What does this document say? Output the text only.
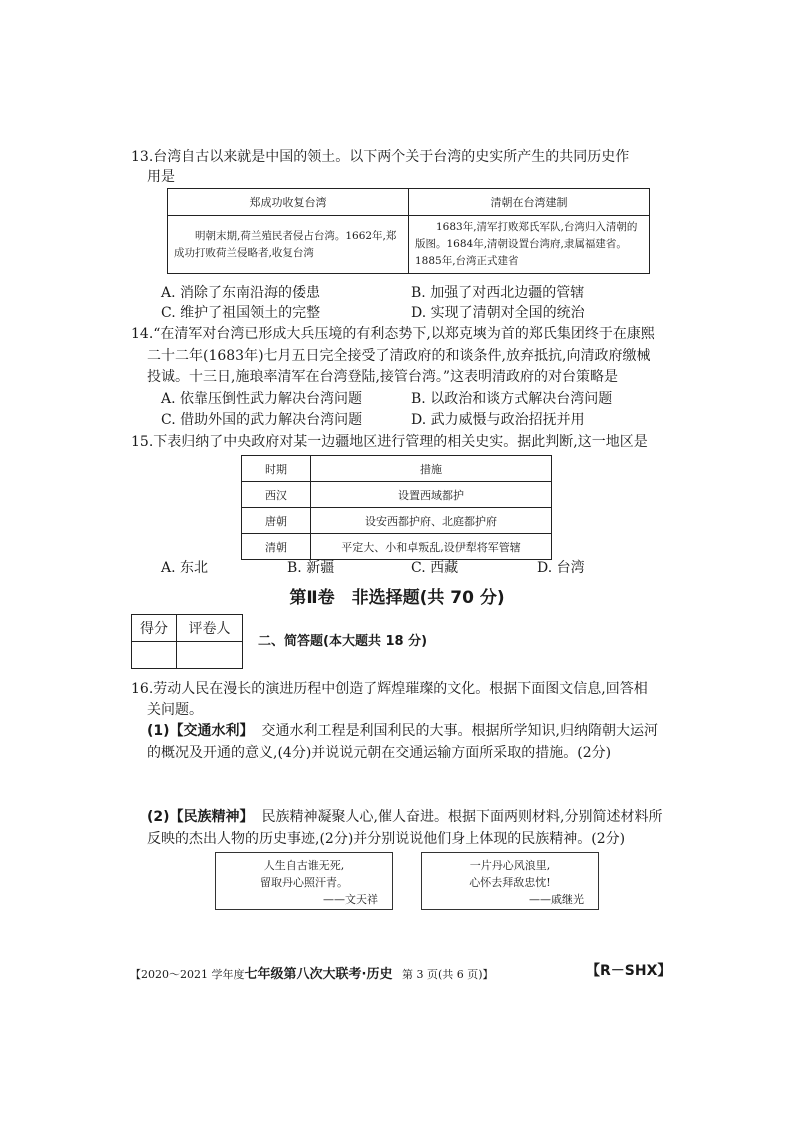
13.台湾自古以来就是中国的领土。以下两个关于台湾的史实所产生的共同历史作
用是
郑成功收复台湾	清朝在台湾建制
明朝末期,荷兰殖民者侵占台湾。1662年,郑成功打败荷兰侵略者,收复台湾	1683年,清军打败郑氏军队,台湾归入清朝的版图。1684年,清朝设置台湾府,隶属福建省。1885年,台湾正式建省
A. 消除了东南沿海的倭患	B. 加强了对西北边疆的管辖
C. 维护了祖国领土的完整	D. 实现了清朝对全国的统治
14.“在清军对台湾已形成大兵压境的有利态势下,以郑克塽为首的郑氏集团终于在康熙
二十二年(1683年)七月五日完全接受了清政府的和谈条件,放弃抵抗,向清政府缴械
投诚。十三日,施琅率清军在台湾登陆,接管台湾。”这表明清政府的对台策略是
A. 依靠压倒性武力解决台湾问题	B. 以政治和谈方式解决台湾问题
C. 借助外国的武力解决台湾问题	D. 武力威慑与政治招抚并用
15.下表归纳了中央政府对某一边疆地区进行管理的相关史实。据此判断,这一地区是
时期	措施
西汉	设置西域都护
唐朝	设安西都护府、北庭都护府
清朝	平定大、小和卓叛乱,设伊犁将军管辖
A. 东北	B. 新疆	C. 西藏	D. 台湾
第Ⅱ卷　非选择题(共 70 分)
得分	评卷人

二、简答题(本大题共 18 分)
16.劳动人民在漫长的演进历程中创造了辉煌璀璨的文化。根据下面图文信息,回答相
关问题。
(1)【交通水利】 交通水利工程是利国利民的大事。根据所学知识,归纳隋朝大运河
的概况及开通的意义,(4分)并说说元朝在交通运输方面所采取的措施。(2分)
(2)【民族精神】 民族精神凝聚人心,催人奋进。根据下面两则材料,分别简述材料所
反映的杰出人物的历史事迹,(2分)并分别说说他们身上体现的民族精神。(2分)
人生自古谁无死,
留取丹心照汗青。
——文天祥
一片丹心风浪里,
心怀去拜敌忠忱!
——戚继光
【2020～2021 学年度七年级第八次大联考·历史 第 3 页(共 6 页)】	【R－SHX】
